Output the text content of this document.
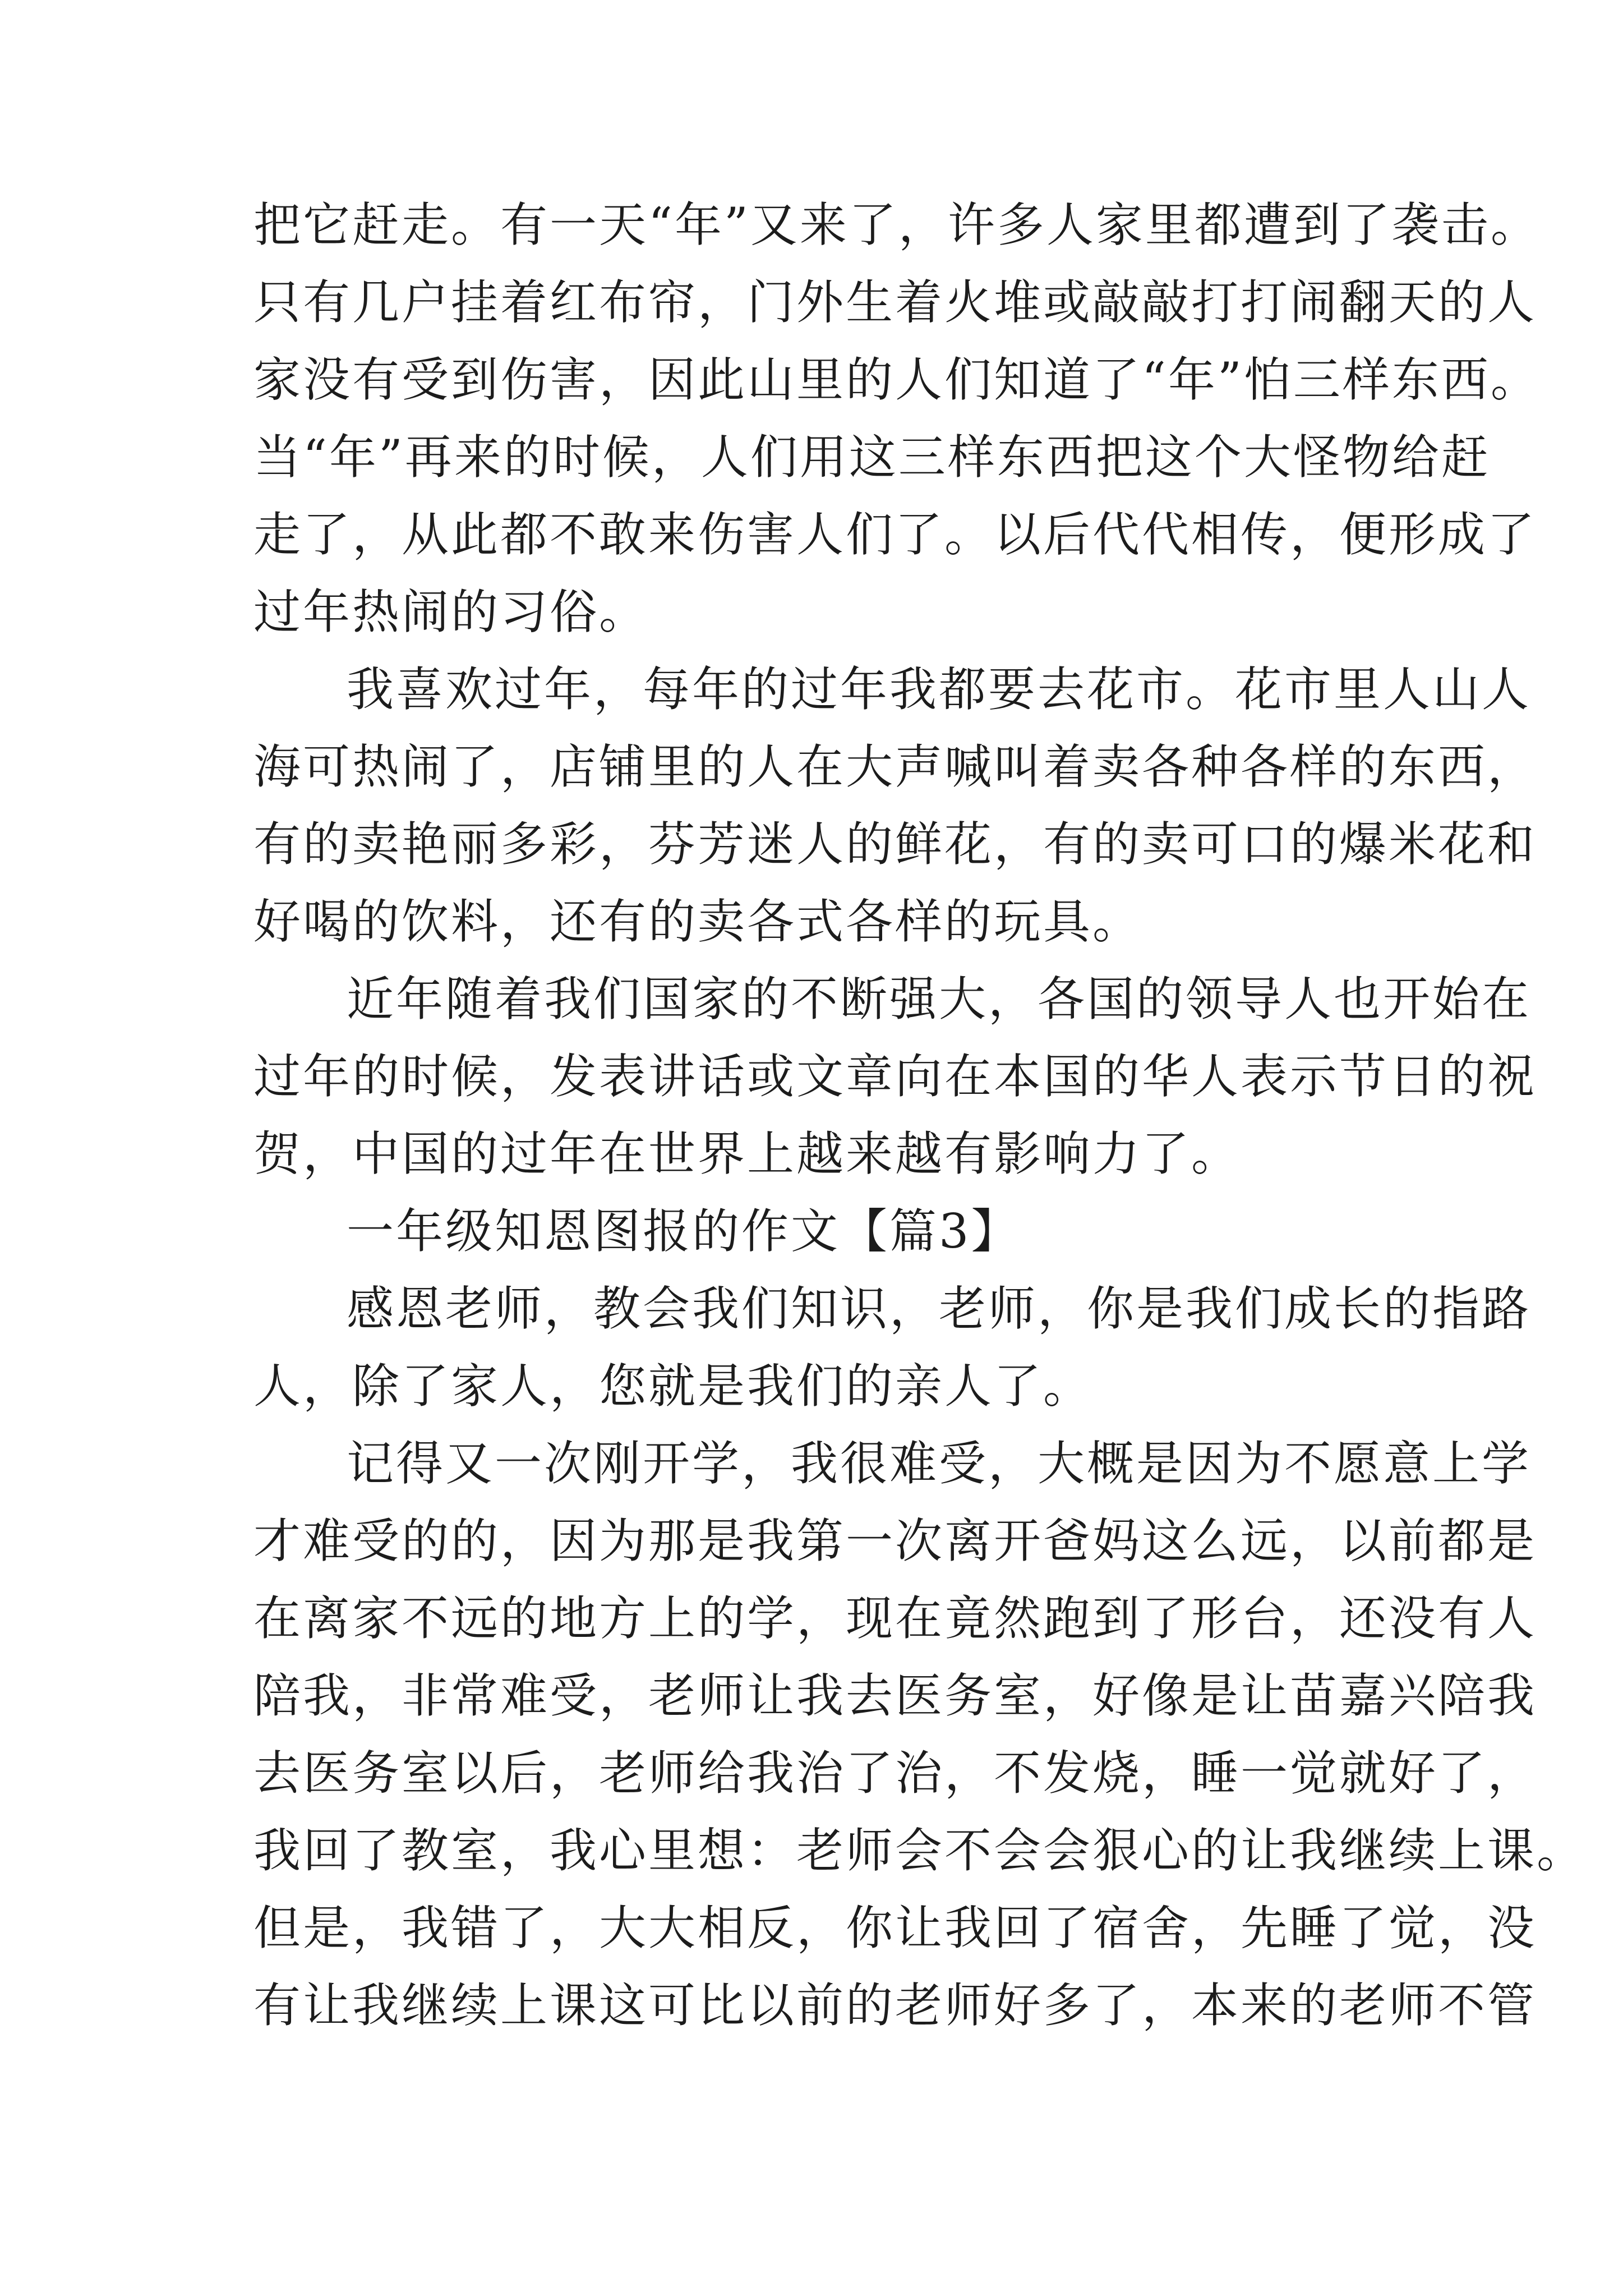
把它赶走。有一天“年”又来了，许多人家里都遭到了袭击。
只有几户挂着红布帘，门外生着火堆或敲敲打打闹翻天的人
家没有受到伤害，因此山里的人们知道了“年”怕三样东西。
当“年”再来的时候，人们用这三样东西把这个大怪物给赶
走了，从此都不敢来伤害人们了。以后代代相传，便形成了
过年热闹的习俗。
我喜欢过年，每年的过年我都要去花市。花市里人山人
海可热闹了，店铺里的人在大声喊叫着卖各种各样的东西，
有的卖艳丽多彩，芬芳迷人的鲜花，有的卖可口的爆米花和
好喝的饮料，还有的卖各式各样的玩具。
近年随着我们国家的不断强大，各国的领导人也开始在
过年的时候，发表讲话或文章向在本国的华人表示节日的祝
贺，中国的过年在世界上越来越有影响力了。
一年级知恩图报的作文【篇3】
感恩老师，教会我们知识，老师，你是我们成长的指路
人，除了家人，您就是我们的亲人了。
记得又一次刚开学，我很难受，大概是因为不愿意上学
才难受的的，因为那是我第一次离开爸妈这么远，以前都是
在离家不远的地方上的学，现在竟然跑到了形台，还没有人
陪我，非常难受，老师让我去医务室，好像是让苗嘉兴陪我
去医务室以后，老师给我治了治，不发烧，睡一觉就好了，
我回了教室，我心里想：老师会不会会狠心的让我继续上课。
但是，我错了，大大相反，你让我回了宿舍，先睡了觉，没
有让我继续上课这可比以前的老师好多了，本来的老师不管
